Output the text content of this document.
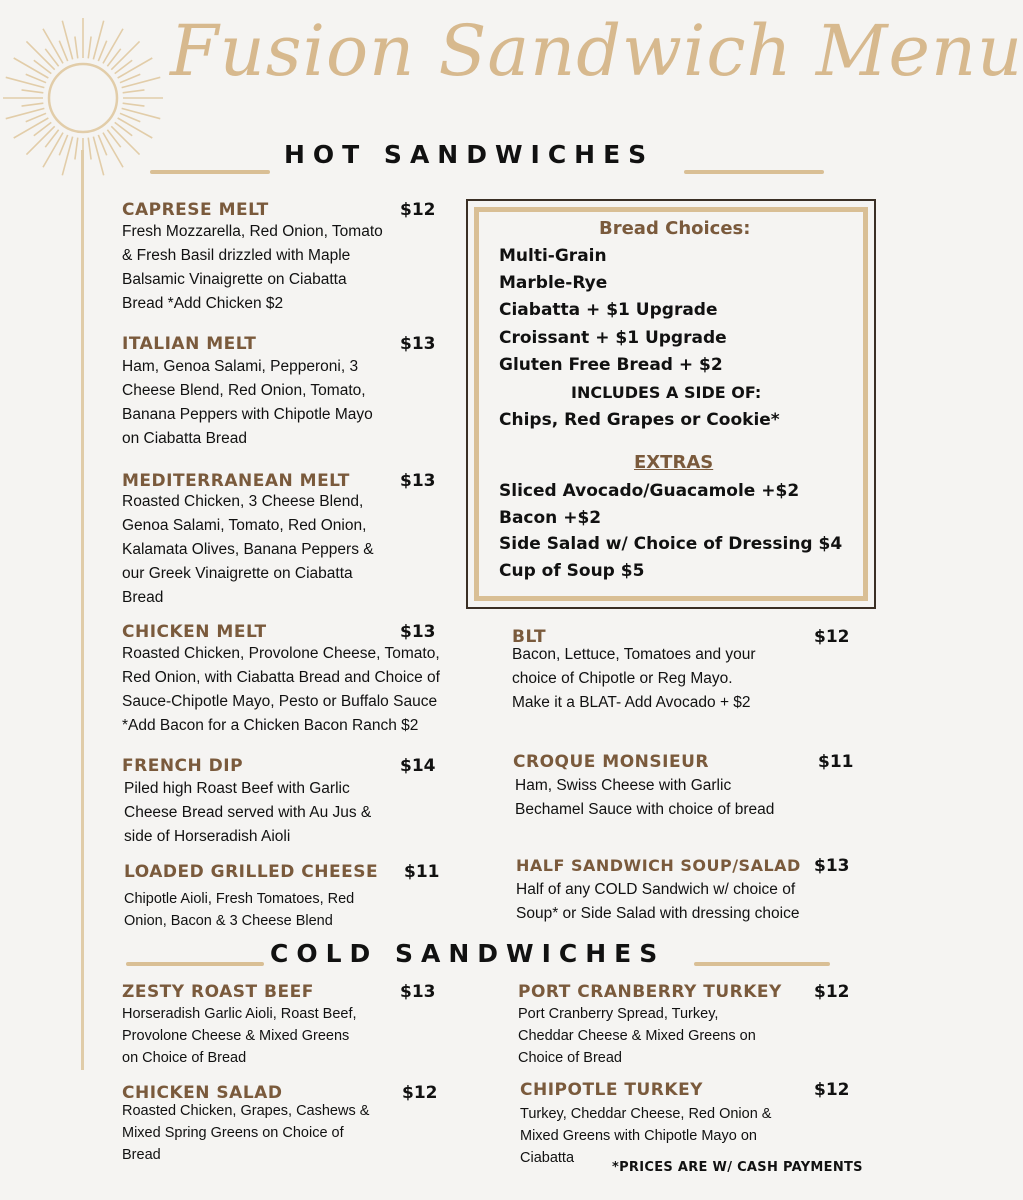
Fusion Sandwich Menu
HOT SANDWICHES
CAPRESE MELT	$12
Fresh Mozzarella, Red Onion, Tomato
& Fresh Basil drizzled with Maple
Balsamic Vinaigrette on Ciabatta
Bread *Add Chicken $2
ITALIAN MELT	$13
Ham, Genoa Salami, Pepperoni, 3
Cheese Blend, Red Onion, Tomato,
Banana Peppers with Chipotle Mayo
on Ciabatta Bread
MEDITERRANEAN MELT	$13
Roasted Chicken, 3 Cheese Blend,
Genoa Salami, Tomato, Red Onion,
Kalamata Olives, Banana Peppers &
our Greek Vinaigrette on Ciabatta
Bread
CHICKEN MELT	$13
Roasted Chicken, Provolone Cheese, Tomato,
Red Onion, with Ciabatta Bread and Choice of
Sauce-Chipotle Mayo, Pesto or Buffalo Sauce
*Add Bacon for a Chicken Bacon Ranch $2
FRENCH DIP	$14
Piled high Roast Beef with Garlic
Cheese Bread served with Au Jus &
side of Horseradish Aioli
LOADED GRILLED CHEESE $11
Chipotle Aioli, Fresh Tomatoes, Red
Onion, Bacon & 3 Cheese Blend
Bread Choices:
Multi-Grain
Marble-Rye
Ciabatta + $1 Upgrade
Croissant + $1 Upgrade
Gluten Free Bread + $2
INCLUDES A SIDE OF:
Chips, Red Grapes or Cookie*
EXTRAS
Sliced Avocado/Guacamole +$2
Bacon +$2
Side Salad w/ Choice of Dressing $4
Cup of Soup $5
BLT	$12
Bacon, Lettuce, Tomatoes and your
choice of Chipotle or Reg Mayo.
Make it a BLAT- Add Avocado + $2
CROQUE MONSIEUR	$11
Ham, Swiss Cheese with Garlic
Bechamel Sauce with choice of bread
HALF SANDWICH SOUP/SALAD $13
Half of any COLD Sandwich w/ choice of
Soup* or Side Salad with dressing choice
COLD SANDWICHES
ZESTY ROAST BEEF	$13
Horseradish Garlic Aioli, Roast Beef,
Provolone Cheese & Mixed Greens
on Choice of Bread
CHICKEN SALAD	$12
Roasted Chicken, Grapes, Cashews &
Mixed Spring Greens on Choice of
Bread
PORT CRANBERRY TURKEY $12
Port Cranberry Spread, Turkey,
Cheddar Cheese & Mixed Greens on
Choice of Bread
CHIPOTLE TURKEY	$12
Turkey, Cheddar Cheese, Red Onion &
Mixed Greens with Chipotle Mayo on
Ciabatta
*PRICES ARE W/ CASH PAYMENTS
